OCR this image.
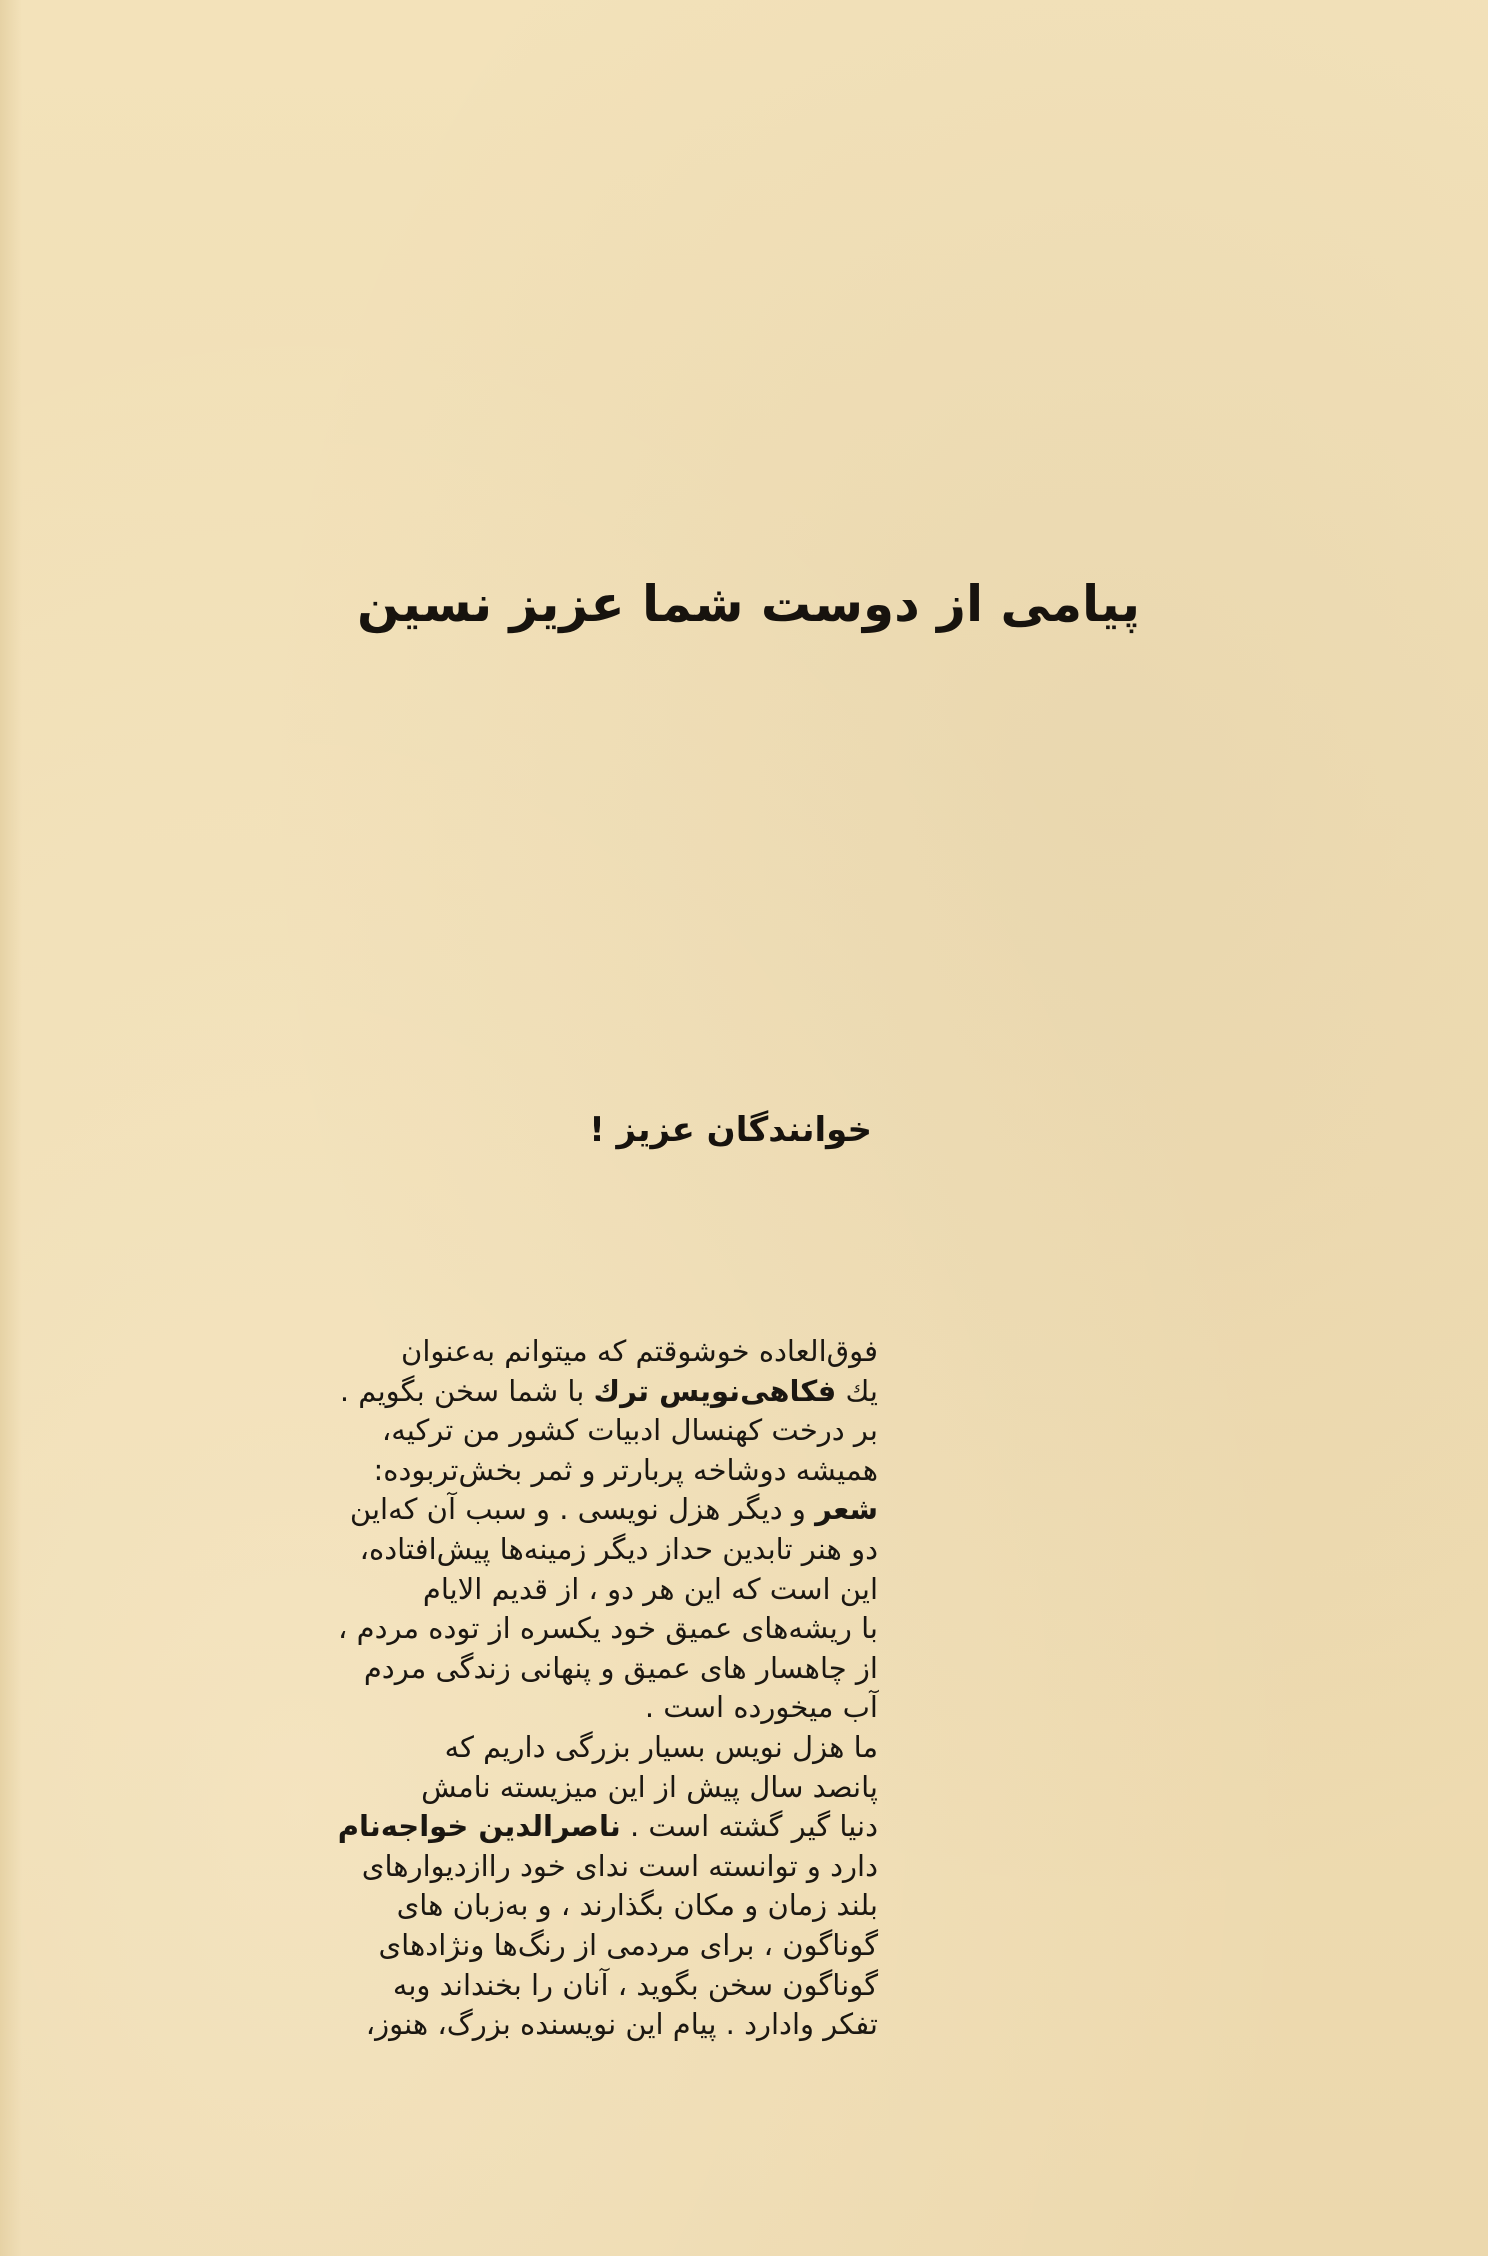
پیامی از دوست شما عزیز نسین
خوانندگان عزیز !
فوق‌العاده خوشوقتم که میتوانم به‌عنوان
یك فکاهی‌نویس ترك با شما سخن بگویم .
بر درخت کهنسال ادبیات کشور من ترکیه،
همیشه دوشاخه پربارتر و ثمر بخش‌تربوده:
شعر و دیگر هزل نویسی . و سبب آن که‌این
دو هنر تابدین حداز دیگر زمینه‌ها پیش‌افتاده،
این است که این هر دو ، از قدیم الایام
با ریشه‌های عمیق خود یکسره از توده مردم ،
از چاهسار های عمیق و پنهانی زندگی مردم
آب میخورده است .
ما هزل نویس بسیار بزرگی داریم که
پانصد سال پیش از این میزیسته نامش
دنیا گیر گشته است . ناصرالدین خواجه‌نام
دارد و توانسته است ندای خود رااز‌دیوارهای
بلند زمان و مکان بگذارند ، و به‌زبان های
گوناگون ، برای مردمی از رنگ‌ها ونژادهای
گوناگون سخن بگوید ، آنان را بخنداند وبه
تفکر وادارد . پیام این نویسنده بزرگ، هنوز،
